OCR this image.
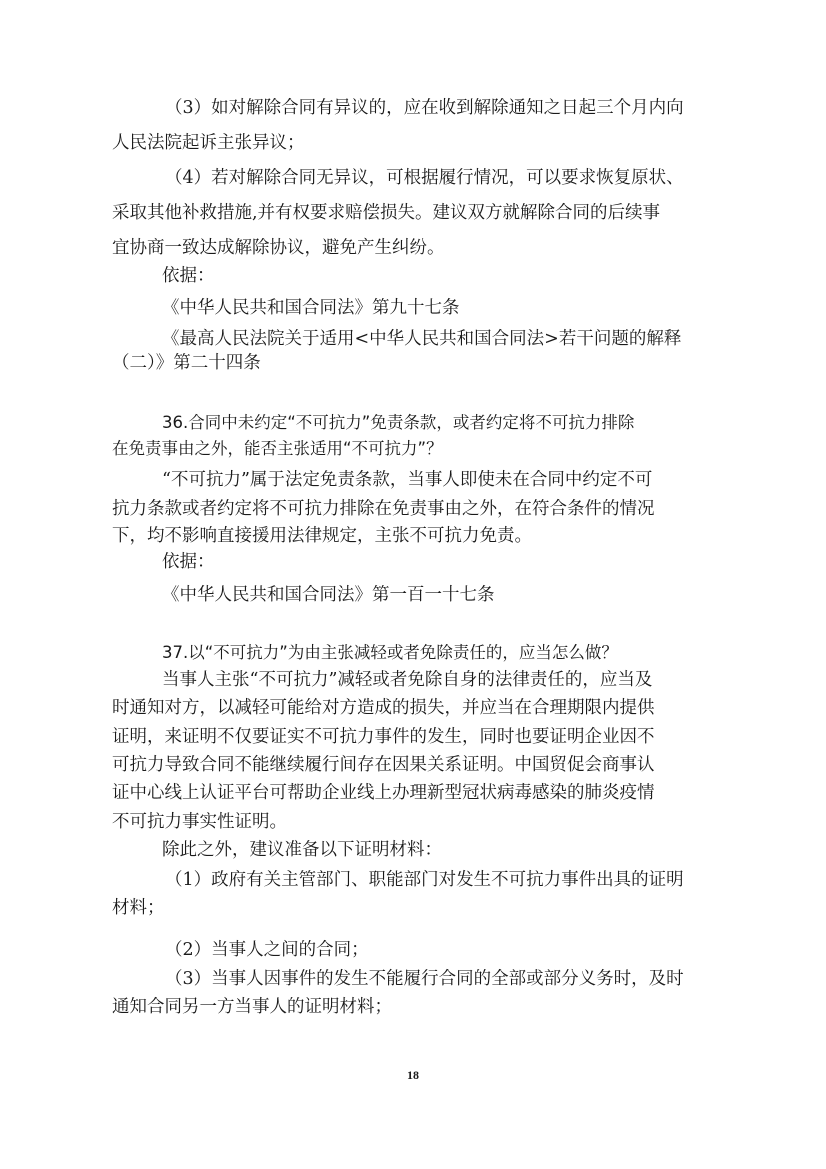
（3）如对解除合同有异议的，应在收到解除通知之日起三个月内向
人民法院起诉主张异议；
（4）若对解除合同无异议，可根据履行情况，可以要求恢复原状、
采取其他补救措施,并有权要求赔偿损失。建议双方就解除合同的后续事
宜协商一致达成解除协议，避免产生纠纷。
依据：
《中华人民共和国合同法》第九十七条
《最高人民法院关于适用<中华人民共和国合同法>若干问题的解释
（二）》第二十四条
36.合同中未约定“不可抗力”免责条款，或者约定将不可抗力排除
在免责事由之外，能否主张适用“不可抗力”？
“不可抗力”属于法定免责条款，当事人即使未在合同中约定不可
抗力条款或者约定将不可抗力排除在免责事由之外，在符合条件的情况
下，均不影响直接援用法律规定，主张不可抗力免责。
依据：
《中华人民共和国合同法》第一百一十七条
37.以“不可抗力”为由主张减轻或者免除责任的，应当怎么做？
当事人主张“不可抗力”减轻或者免除自身的法律责任的，应当及
时通知对方，以减轻可能给对方造成的损失，并应当在合理期限内提供
证明，来证明不仅要证实不可抗力事件的发生，同时也要证明企业因不
可抗力导致合同不能继续履行间存在因果关系证明。中国贸促会商事认
证中心线上认证平台可帮助企业线上办理新型冠状病毒感染的肺炎疫情
不可抗力事实性证明。
除此之外，建议准备以下证明材料：
（1）政府有关主管部门、职能部门对发生不可抗力事件出具的证明
材料；
（2）当事人之间的合同；
（3）当事人因事件的发生不能履行合同的全部或部分义务时，及时
通知合同另一方当事人的证明材料；
18
